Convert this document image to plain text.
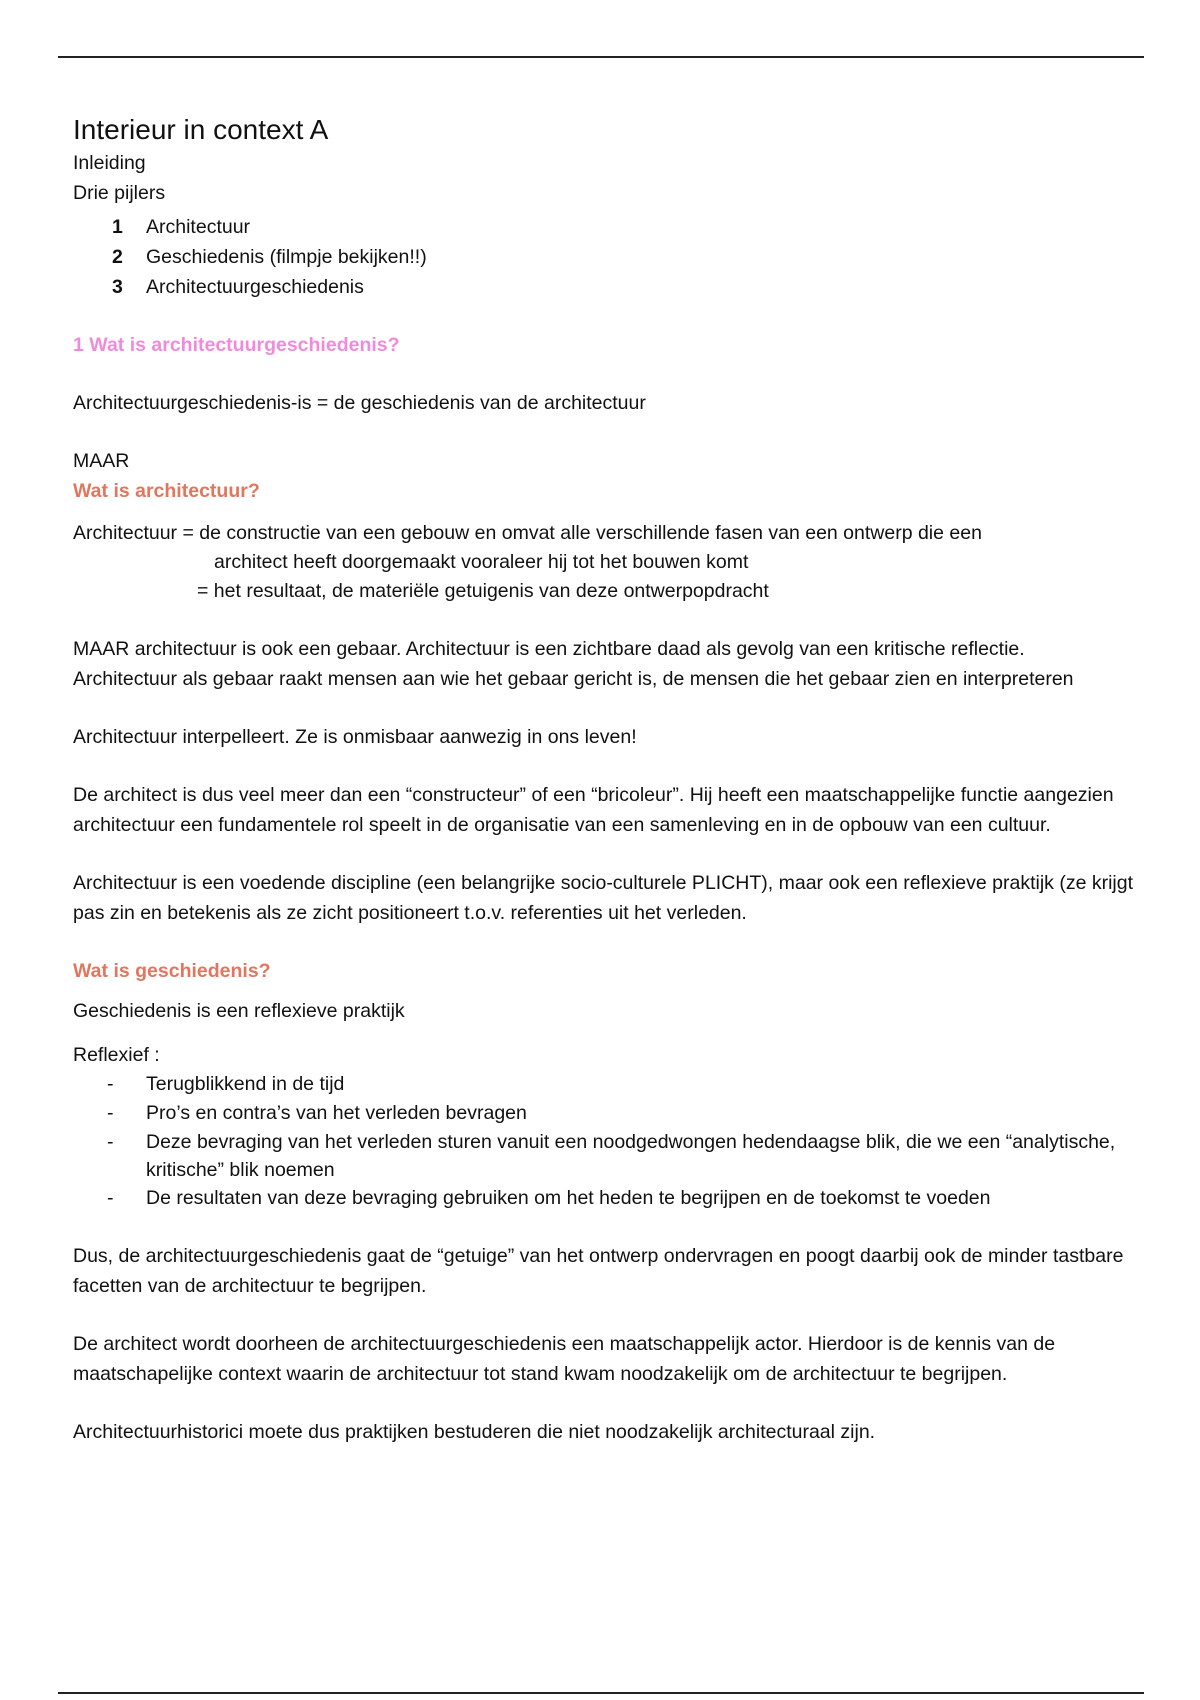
Interieur in context A

Inleiding

Drie pijlers

1	Architectuur
2	Geschiedenis (filmpje bekijken!!)
3	Architectuurgeschiedenis

1 Wat is architectuurgeschiedenis?

Architectuurgeschiedenis-is = de geschiedenis van de architectuur

MAAR

Wat is architectuur?

Architectuur = de constructie van een gebouw en omvat alle verschillende fasen van een ontwerp die een

architect heeft doorgemaakt vooraleer hij tot het bouwen komt

= het resultaat, de materiële getuigenis van deze ontwerpopdracht

MAAR architectuur is ook een gebaar. Architectuur is een zichtbare daad als gevolg van een kritische reflectie. Architectuur als gebaar raakt mensen aan wie het gebaar gericht is, de mensen die het gebaar zien en interpreteren

Architectuur interpelleert. Ze is onmisbaar aanwezig in ons leven!

De architect is dus veel meer dan een “constructeur” of een “bricoleur”. Hij heeft een maatschappelijke functie aangezien architectuur een fundamentele rol speelt in de organisatie van een samenleving en in de opbouw van een cultuur.

Architectuur is een voedende discipline (een belangrijke socio-culturele PLICHT), maar ook een reflexieve praktijk (ze krijgt pas zin en betekenis als ze zicht positioneert t.o.v. referenties uit het verleden.

Wat is geschiedenis?

Geschiedenis is een reflexieve praktijk

Reflexief :

-	Terugblikkend in de tijd
-	Pro’s en contra’s van het verleden bevragen
-	Deze bevraging van het verleden sturen vanuit een noodgedwongen hedendaagse blik, die we een “analytische, kritische” blik noemen
-	De resultaten van deze bevraging gebruiken om het heden te begrijpen en de toekomst te voeden

Dus, de architectuurgeschiedenis gaat de “getuige” van het ontwerp ondervragen en poogt daarbij ook de minder tastbare facetten van de architectuur te begrijpen.

De architect wordt doorheen de architectuurgeschiedenis een maatschappelijk actor. Hierdoor is de kennis van de maatschapelijke context waarin de architectuur tot stand kwam noodzakelijk om de architectuur te begrijpen.

Architectuurhistorici moete dus praktijken bestuderen die niet noodzakelijk architecturaal zijn.
